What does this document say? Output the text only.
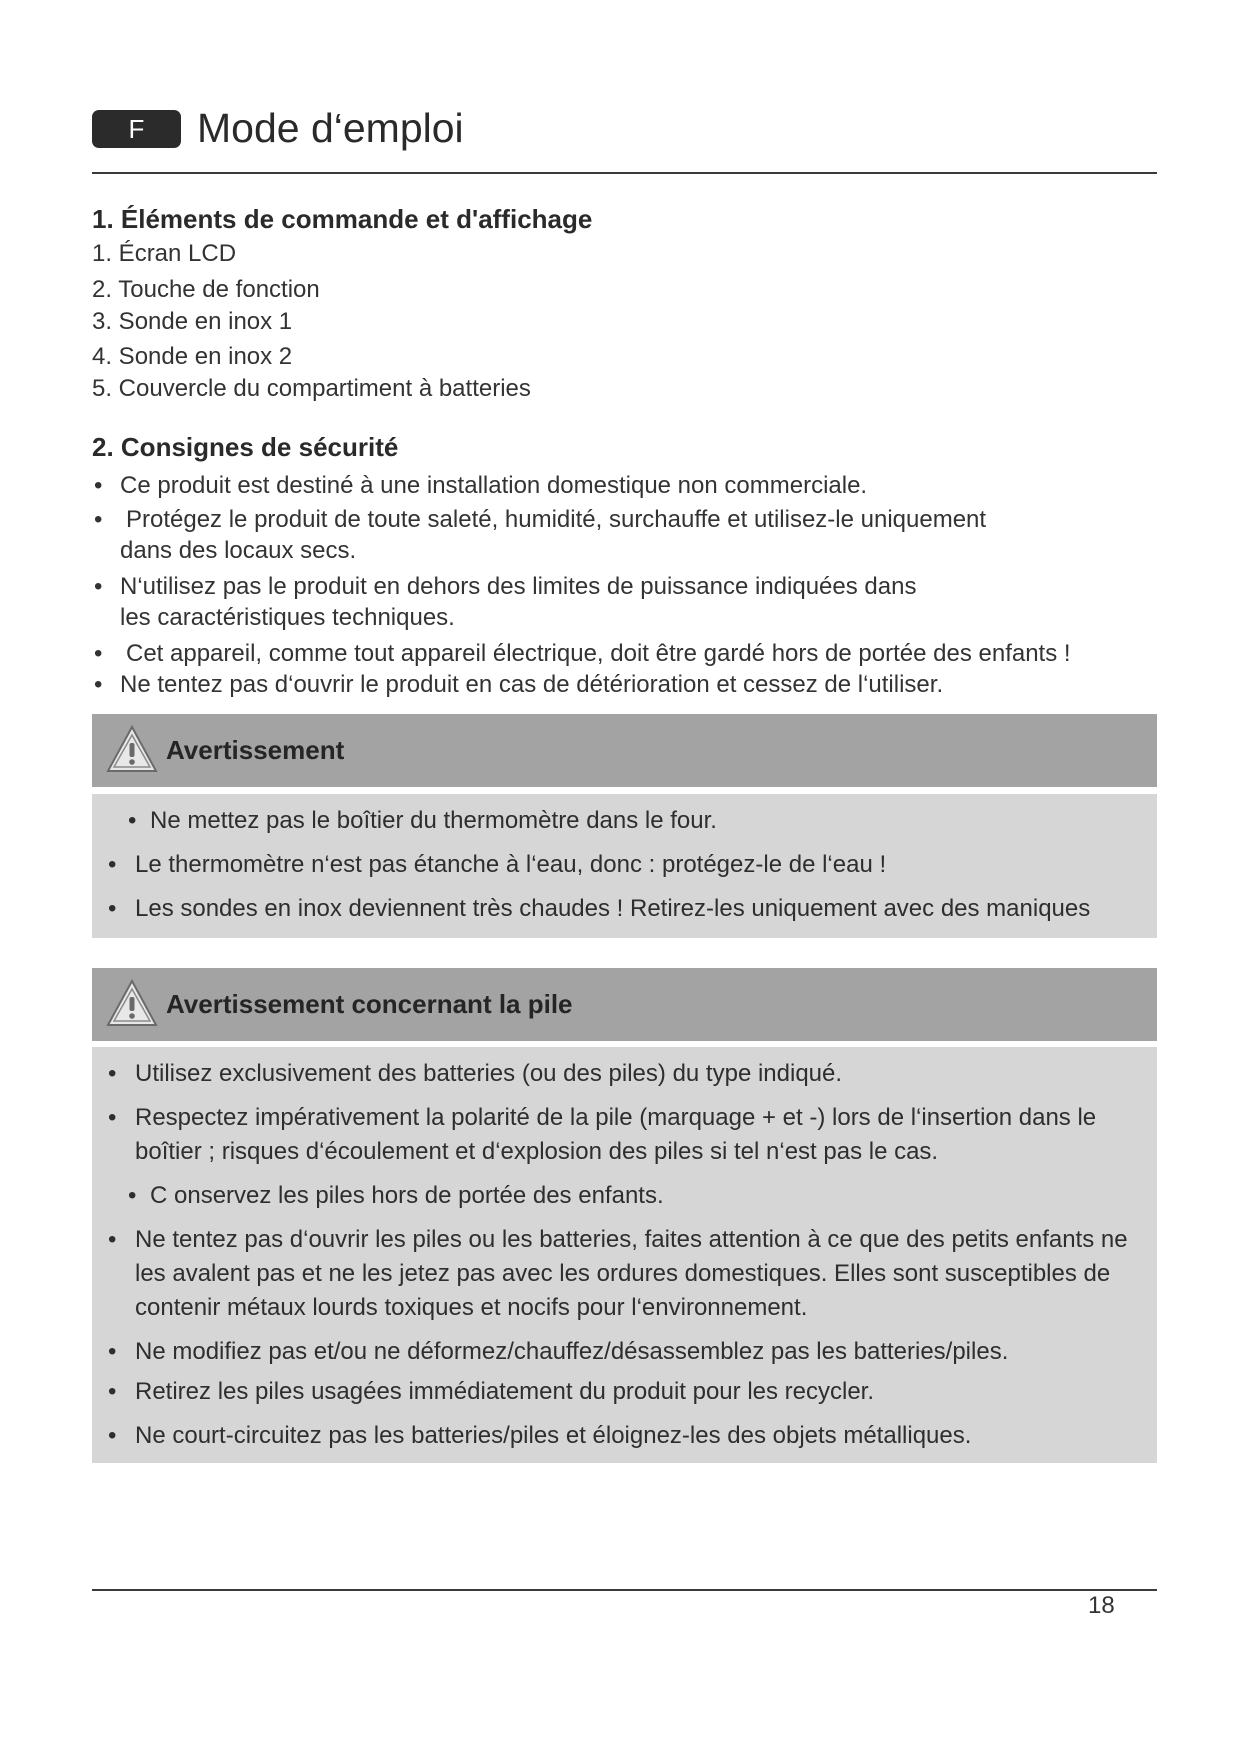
F	Mode d‘emploi
1. Éléments de commande et d'affichage
1. Écran LCD
2. Touche de fonction
3. Sonde en inox 1
4. Sonde en inox 2
5. Couvercle du compartiment à batteries
2. Consignes de sécurité
• Ce produit est destiné à une installation domestique non commerciale.
• Protégez le produit de toute saleté, humidité, surchauffe et utilisez-le uniquement dans des locaux secs.
• N‘utilisez pas le produit en dehors des limites de puissance indiquées dans les caractéristiques techniques.
• Cet appareil, comme tout appareil électrique, doit être gardé hors de portée des enfants !
• Ne tentez pas d‘ouvrir le produit en cas de détérioration et cessez de l‘utiliser.
Avertissement
• Ne mettez pas le boîtier du thermomètre dans le four.
• Le thermomètre n‘est pas étanche à l‘eau, donc : protégez-le de l‘eau !
• Les sondes en inox deviennent très chaudes ! Retirez-les uniquement avec des maniques
Avertissement concernant la pile
• Utilisez exclusivement des batteries (ou des piles) du type indiqué.
• Respectez impérativement la polarité de la pile (marquage + et -) lors de l‘insertion dans le boîtier ; risques d‘écoulement et d‘explosion des piles si tel n‘est pas le cas.
• C onservez les piles hors de portée des enfants.
• Ne tentez pas d‘ouvrir les piles ou les batteries, faites attention à ce que des petits enfants ne les avalent pas et ne les jetez pas avec les ordures domestiques. Elles sont susceptibles de contenir métaux lourds toxiques et nocifs pour l‘environnement.
• Ne modifiez pas et/ou ne déformez/chauffez/désassemblez pas les batteries/piles.
• Retirez les piles usagées immédiatement du produit pour les recycler.
• Ne court-circuitez pas les batteries/piles et éloignez-les des objets métalliques.
18
